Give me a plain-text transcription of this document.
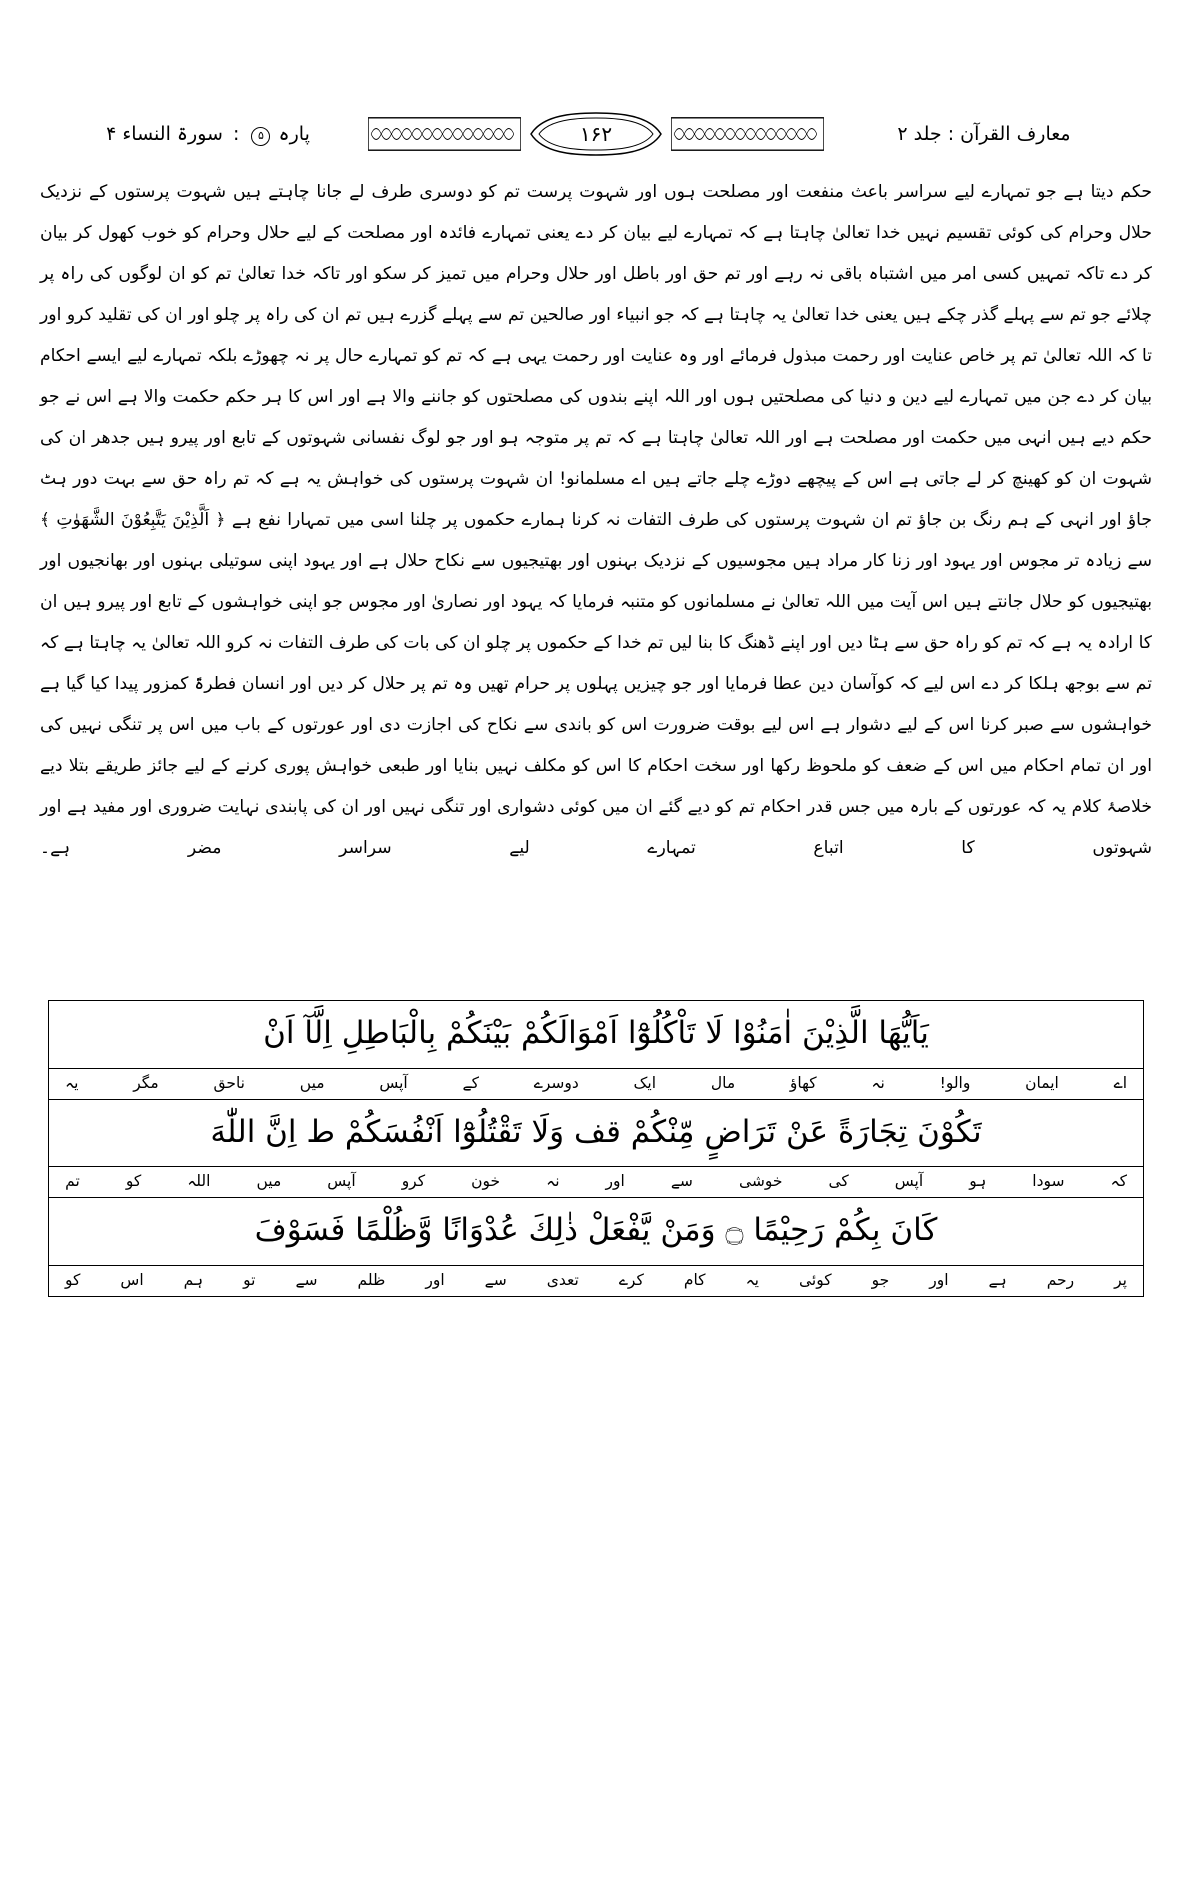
معارف القرآن : جلد ٢
۱۶۲
پارہ ۵ : سورۃ النساء ۴

حکم دیتا ہے جو تمہارے لیے سراسر باعث منفعت اور مصلحت ہوں اور شہوت پرست تم کو دوسری طرف لے جانا چاہتے ہیں شہوت پرستوں کے نزدیک حلال وحرام کی کوئی تقسیم نہیں خدا تعالیٰ چاہتا ہے کہ تمہارے لیے بیان کر دے یعنی تمہارے فائدہ اور مصلحت کے لیے حلال وحرام کو خوب کھول کر بیان کر دے تاکہ تمہیں کسی امر میں اشتباہ باقی نہ رہے اور تم حق اور باطل اور حلال وحرام میں تمیز کر سکو اور تاکہ خدا تعالیٰ تم کو ان لوگوں کی راہ پر چلائے جو تم سے پہلے گذر چکے ہیں یعنی خدا تعالیٰ یہ چاہتا ہے کہ جو انبیاء اور صالحین تم سے پہلے گزرے ہیں تم ان کی راہ پر چلو اور ان کی تقلید کرو اور تا کہ اللہ تعالیٰ تم پر خاص عنایت اور رحمت مبذول فرمائے اور وہ عنایت اور رحمت یہی ہے کہ تم کو تمہارے حال پر نہ چھوڑے بلکہ تمہارے لیے ایسے احکام بیان کر دے جن میں تمہارے لیے دین و دنیا کی مصلحتیں ہوں اور اللہ اپنے بندوں کی مصلحتوں کو جاننے والا ہے اور اس کا ہر حکم حکمت والا ہے اس نے جو حکم دیے ہیں انہی میں حکمت اور مصلحت ہے اور اللہ تعالیٰ چاہتا ہے کہ تم پر متوجہ ہو اور جو لوگ نفسانی شہوتوں کے تابع اور پیرو ہیں جدھر ان کی شہوت ان کو کھینچ کر لے جاتی ہے اس کے پیچھے دوڑے چلے جاتے ہیں اے مسلمانو! ان شہوت پرستوں کی خواہش یہ ہے کہ تم راہ حق سے بہت دور ہٹ جاؤ اور انہی کے ہم رنگ بن جاؤ تم ان شہوت پرستوں کی طرف التفات نہ کرنا ہمارے حکموں پر چلنا اسی میں تمہارا نفع ہے ﴿ اَلَّذِیْنَ یَتَّبِعُوْنَ الشَّهَوٰتِ ﴾ سے زیادہ تر مجوس اور یہود اور زنا کار مراد ہیں مجوسیوں کے نزدیک بہنوں اور بھتیجیوں سے نکاح حلال ہے اور یہود اپنی سوتیلی بہنوں اور بھانجیوں اور بھتیجیوں کو حلال جانتے ہیں اس آیت میں اللہ تعالیٰ نے مسلمانوں کو متنبہ فرمایا کہ یہود اور نصاریٰ اور مجوس جو اپنی خواہشوں کے تابع اور پیرو ہیں ان کا ارادہ یہ ہے کہ تم کو راہ حق سے ہٹا دیں اور اپنے ڈھنگ کا بنا لیں تم خدا کے حکموں پر چلو ان کی بات کی طرف التفات نہ کرو اللہ تعالیٰ یہ چاہتا ہے کہ تم سے بوجھ ہلکا کر دے اس لیے کہ کوآسان دین عطا فرمایا اور جو چیزیں پہلوں پر حرام تھیں وہ تم پر حلال کر دیں اور انسان فطرۃً کمزور پیدا کیا گیا ہے خواہشوں سے صبر کرنا اس کے لیے دشوار ہے اس لیے بوقت ضرورت اس کو باندی سے نکاح کی اجازت دی اور عورتوں کے باب میں اس پر تنگی نہیں کی اور ان تمام احکام میں اس کے ضعف کو ملحوظ رکھا اور سخت احکام کا اس کو مکلف نہیں بنایا اور طبعی خواہش پوری کرنے کے لیے جائز طریقے بتلا دیے خلاصۂ کلام یہ کہ عورتوں کے بارہ میں جس قدر احکام تم کو دیے گئے ان میں کوئی دشواری اور تنگی نہیں اور ان کی پابندی نہایت ضروری اور مفید ہے اور شہوتوں کا اتباع تمہارے لیے سراسر مضر ہے۔

يَاَيُّهَا الَّذِيْنَ اٰمَنُوْا لَا تَاْكُلُوْٓا اَمْوَالَكُمْ بَيْنَكُمْ بِالْبَاطِلِ اِلَّآ اَنْ
اے
ایمان
والو!
نہ
کھاؤ
مال
ایک
دوسرے
کے
آپس
میں
ناحق
مگر
یہ
تَكُوْنَ تِجَارَةً عَنْ تَرَاضٍ مِّنْكُمْ قف وَلَا تَقْتُلُوْٓا اَنْفُسَكُمْ ط اِنَّ اللّٰهَ
کہ
سودا
ہو
آپس
کی
خوشی
سے
اور
نہ
خون
کرو
آپس
میں
اللہ
کو
تم
كَانَ بِكُمْ رَحِيْمًا ۝ وَمَنْ يَّفْعَلْ ذٰلِكَ عُدْوَانًا وَّظُلْمًا فَسَوْفَ
پر
رحم
ہے
اور
جو
کوئی
یہ
کام
کرے
تعدی
سے
اور
ظلم
سے
تو
ہم
اس
کو
